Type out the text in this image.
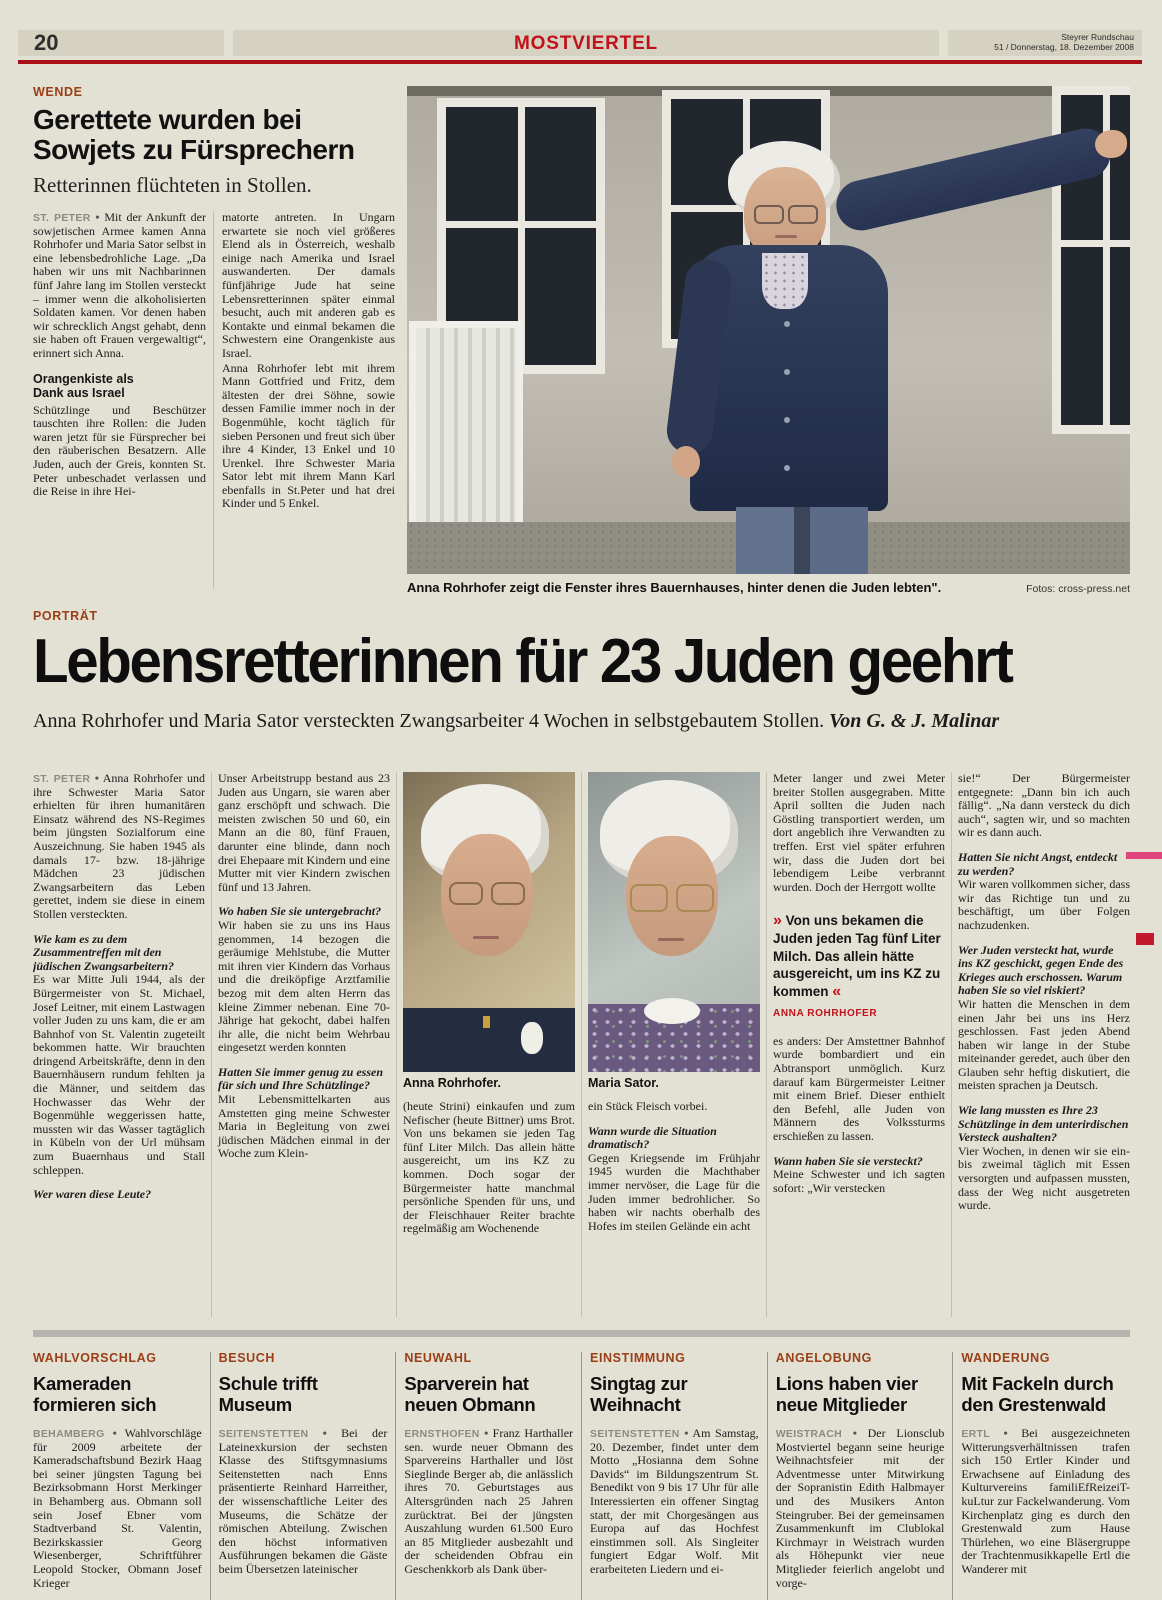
20	MOSTVIERTEL	Steyrer Rundschau
51 / Donnerstag, 18. Dezember 2008
WENDE
Gerettete wurden bei Sowjets zu Fürsprechern

Retterinnen flüchteten in Stollen.

ST. PETER • Mit der Ankunft der sowjetischen Armee kamen Anna Rohrhofer und Maria Sator selbst in eine lebensbedrohliche Lage. „Da haben wir uns mit Nachbarinnen fünf Jahre lang im Stollen versteckt – immer wenn die alkoholisierten Soldaten kamen. Vor denen haben wir schrecklich Angst gehabt, denn sie haben oft Frauen vergewaltigt“, erinnert sich Anna.

Orangenkiste als Dank aus Israel

Schützlinge und Beschützer tauschten ihre Rollen: die Juden waren jetzt für sie Fürsprecher bei den räuberischen Besatzern. Alle Juden, auch der Greis, konnten St. Peter unbeschadet verlassen und die Reise in ihre Hei-

matorte antreten. In Ungarn erwartete sie noch viel größeres Elend als in Österreich, weshalb einige nach Amerika und Israel auswanderten. Der damals fünfjährige Jude hat seine Lebensretterinnen später einmal besucht, auch mit anderen gab es Kontakte und einmal bekamen die Schwestern eine Orangenkiste aus Israel.

Anna Rohrhofer lebt mit ihrem Mann Gottfried und Fritz, dem ältesten der drei Söhne, sowie dessen Familie immer noch in der Bogenmühle, kocht täglich für sieben Personen und freut sich über ihre 4 Kinder, 13 Enkel und 10 Urenkel. Ihre Schwester Maria Sator lebt mit ihrem Mann Karl ebenfalls in St.Peter und hat drei Kinder und 5 Enkel.

Anna Rohrhofer zeigt die Fenster ihres Bauernhauses, hinter denen die Juden lebten".	Fotos: cross-press.net
PORTRÄT
Lebensretterinnen für 23 Juden geehrt
Anna Rohrhofer und Maria Sator versteckten Zwangsarbeiter 4 Wochen in selbstgebautem Stollen. Von G. & J. Malinar

ST. PETER • Anna Rohrhofer und ihre Schwester Maria Sator erhielten für ihren humanitären Einsatz während des NS-Regimes beim jüngsten Sozialforum eine Auszeichnung. Sie haben 1945 als damals 17- bzw. 18-jährige Mädchen 23 jüdischen Zwangsarbeitern das Leben gerettet, indem sie diese in einem Stollen versteckten.

Wie kam es zu dem Zusammentreffen mit den jüdischen Zwangsarbeitern?

Es war Mitte Juli 1944, als der Bürgermeister von St. Michael, Josef Leitner, mit einem Lastwagen voller Juden zu uns kam, die er am Bahnhof von St. Valentin zugeteilt bekommen hatte. Wir brauchten dringend Arbeitskräfte, denn in den Bauernhäusern rundum fehlten ja die Männer, und seitdem das Hochwasser das Wehr der Bogenmühle weggerissen hatte, mussten wir das Wasser tagtäglich in Kübeln von der Url mühsam zum Buaernhaus und Stall schleppen.

Wer waren diese Leute?

Unser Arbeitstrupp bestand aus 23 Juden aus Ungarn, sie waren aber ganz erschöpft und schwach. Die meisten zwischen 50 und 60, ein Mann an die 80, fünf Frauen, darunter eine blinde, dann noch drei Ehepaare mit Kindern und eine Mutter mit vier Kindern zwischen fünf und 13 Jahren.

Wo haben Sie sie untergebracht?

Wir haben sie zu uns ins Haus genommen, 14 bezogen die geräumige Mehlstube, die Mutter mit ihren vier Kindern das Vorhaus und die dreiköpfige Arztfamilie bezog mit dem alten Herrn das kleine Zimmer nebenan. Eine 70-Jährige hat gekocht, dabei halfen ihr alle, die nicht beim Wehrbau eingesetzt werden konnten

Hatten Sie immer genug zu essen für sich und Ihre Schützlinge?

Mit Lebensmittelkarten aus Amstetten ging meine Schwester Maria in Begleitung von zwei jüdischen Mädchen einmal in der Woche zum Klein-

Anna Rohrhofer.

(heute Strini) einkaufen und zum Nefischer (heute Bittner) ums Brot. Von uns bekamen sie jeden Tag fünf Liter Milch. Das allein hätte ausgereicht, um ins KZ zu kommen. Doch sogar der Bürgermeister hatte manchmal persönliche Spenden für uns, und der Fleischhauer Reiter brachte regelmäßig am Wochenende

Maria Sator.

ein Stück Fleisch vorbei.

Wann wurde die Situation dramatisch?

Gegen Kriegsende im Frühjahr 1945 wurden die Machthaber immer nervöser, die Lage für die Juden immer bedrohlicher. So haben wir nachts oberhalb des Hofes im steilen Gelände ein acht

Meter langer und zwei Meter breiter Stollen ausgegraben. Mitte April sollten die Juden nach Göstling transportiert werden, um dort angeblich ihre Verwandten zu treffen. Erst viel später erfuhren wir, dass die Juden dort bei lebendigem Leibe verbrannt wurden. Doch der Herrgott wollte

» Von uns bekamen die Juden jeden Tag fünf Liter Milch. Das allein hätte ausgereicht, um ins KZ zu kommen «
ANNA ROHRHOFER

es anders: Der Amstettner Bahnhof wurde bombardiert und ein Abtransport unmöglich. Kurz darauf kam Bürgermeister Leitner mit einem Brief. Dieser enthielt den Befehl, alle Juden von Männern des Volkssturms erschießen zu lassen.

Wann haben Sie sie versteckt?

Meine Schwester und ich sagten sofort: „Wir verstecken

sie!“ Der Bürgermeister entgegnete: „Dann bin ich auch fällig“. „Na dann versteck du dich auch“, sagten wir, und so machten wir es dann auch.

Hatten Sie nicht Angst, entdeckt zu werden?

Wir waren vollkommen sicher, dass wir das Richtige tun und zu beschäftigt, um über Folgen nachzudenken.

Wer Juden versteckt hat, wurde ins KZ geschickt, gegen Ende des Krieges auch erschossen. Warum haben Sie so viel riskiert?

Wir hatten die Menschen in dem einen Jahr bei uns ins Herz geschlossen. Fast jeden Abend haben wir lange in der Stube miteinander geredet, auch über den Glauben sehr heftig diskutiert, die meisten sprachen ja Deutsch.

Wie lang mussten es Ihre 23 Schützlinge in dem unterirdischen Versteck aushalten?

Vier Wochen, in denen wir sie ein- bis zweimal täglich mit Essen versorgten und aufpassen mussten, dass der Weg nicht ausgetreten wurde.

WAHLVORSCHLAG
Kameraden formieren sich

BEHAMBERG • Wahlvorschläge für 2009 arbeitete der Kameradschaftsbund Bezirk Haag bei seiner jüngsten Tagung bei Bezirksobmann Horst Merkinger in Behamberg aus. Obmann soll sein Josef Ebner vom Stadtverband St. Valentin, Bezirkskassier Georg Wiesenberger, Schriftführer Leopold Stocker, Obmann Josef Krieger

BESUCH
Schule trifft Museum

SEITENSTETTEN • Bei der Lateinexkursion der sechsten Klasse des Stiftsgymnasiums Seitenstetten nach Enns präsentierte Reinhard Harreither, der wissenschaftliche Leiter des Museums, die Schätze der römischen Abteilung. Zwischen den höchst informativen Ausführungen bekamen die Gäste beim Übersetzen lateinischer

NEUWAHL
Sparverein hat neuen Obmann

ERNSTHOFEN • Franz Harthaller sen. wurde neuer Obmann des Sparvereins Harthaller und löst Sieglinde Berger ab, die anlässlich ihres 70. Geburtstages aus Altersgründen nach 25 Jahren zurücktrat. Bei der jüngsten Auszahlung wurden 61.500 Euro an 85 Mitglieder ausbezahlt und der scheidenden Obfrau ein Geschenkkorb als Dank über-

EINSTIMMUNG
Singtag zur Weihnacht

SEITENSTETTEN • Am Samstag, 20. Dezember, findet unter dem Motto „Hosianna dem Sohne Davids“ im Bildungszentrum St. Benedikt von 9 bis 17 Uhr für alle Interessierten ein offener Singtag statt, der mit Chorgesängen aus Europa auf das Hochfest einstimmen soll. Als Singleiter fungiert Edgar Wolf. Mit erarbeiteten Liedern und ei-

ANGELOBUNG
Lions haben vier neue Mitglieder

WEISTRACH • Der Lionsclub Mostviertel begann seine heurige Weihnachtsfeier mit der Adventmesse unter Mitwirkung der Sopranistin Edith Halbmayer und des Musikers Anton Steingruber. Bei der gemeinsamen Zusammenkunft im Clublokal Kirchmayr in Weistrach wurden als Höhepunkt vier neue Mitglieder feierlich angelobt und vorge-

WANDERUNG
Mit Fackeln durch den Grestenwald

ERTL • Bei ausgezeichneten Witterungsverhältnissen trafen sich 150 Ertler Kinder und Erwachsene auf Einladung des Kulturvereins familiEfReizeiT-kuLtur zur Fackelwanderung. Vom Kirchenplatz ging es durch den Grestenwald zum Hause Thürlehen, wo eine Bläsergruppe der Trachtenmusikkapelle Ertl die Wanderer mit
